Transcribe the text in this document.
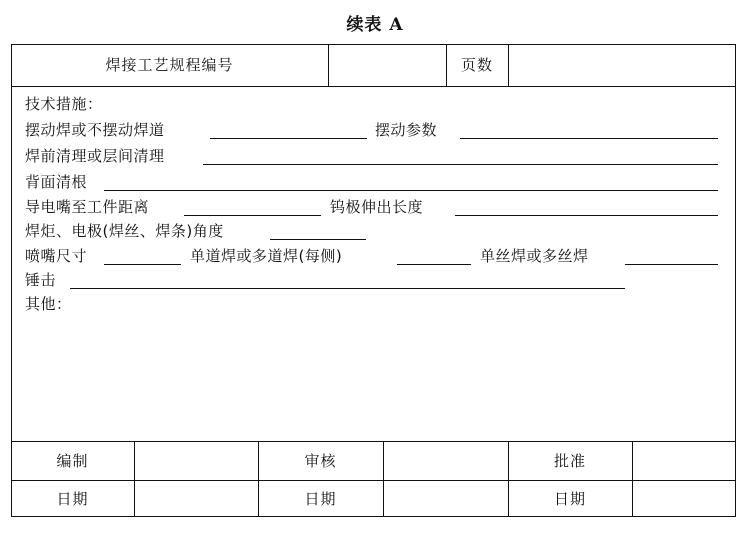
续表 A
焊接工艺规程编号	页数
技术措施：
摆动焊或不摆动焊道	摆动参数
焊前清理或层间清理
背面清根
导电嘴至工件距离	钨极伸出长度
焊炬、电极(焊丝、焊条)角度
喷嘴尺寸	单道焊或多道焊(每侧)	单丝焊或多丝焊
锤击
其他：
编制	审核	批准
日期	日期	日期
